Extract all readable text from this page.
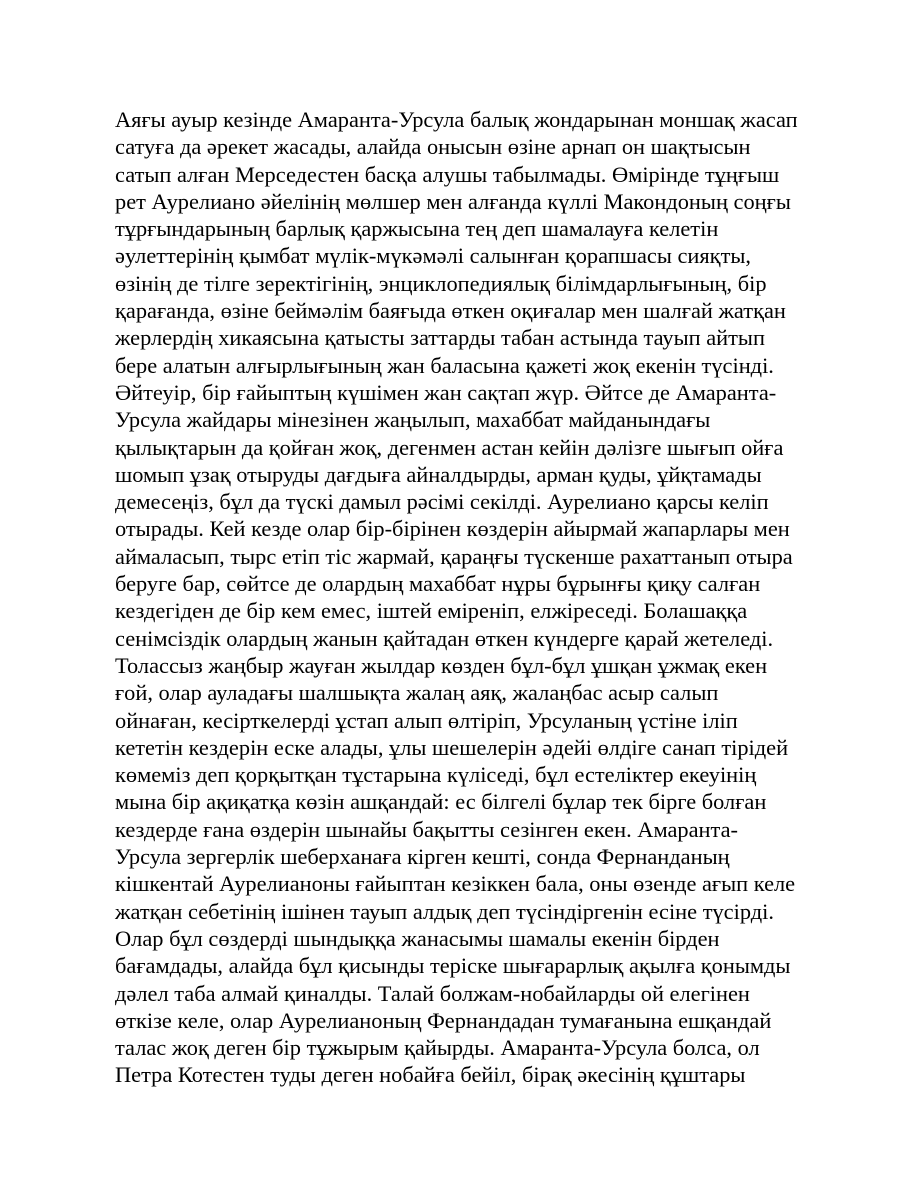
Аяғы ауыр кезінде Амаранта-Урсула балық жондарынан моншақ жасап
сатуға да әрекет жасады, алайда онысын өзіне арнап он шақтысын
сатып алған Мерседестен басқа алушы табылмады. Өмірінде тұңғыш
рет Аурелиано әйелінің мөлшер мен алғанда күллі Макондоның соңғы
тұрғындарының барлық қаржысына тең деп шамалауға келетін
әулеттерінің қымбат мүлік-мүкәмәлі салынған қорапшасы сияқты,
өзінің де тілге зеректігінің, энциклопедиялық білімдарлығының, бір
қарағанда, өзіне беймәлім баяғыда өткен оқиғалар мен шалғай жатқан
жерлердің хикаясына қатысты заттарды табан астында тауып айтып
бере алатын алғырлығының жан баласына қажеті жоқ екенін түсінді.
Әйтеуір, бір ғайыптың күшімен жан сақтап жүр. Әйтсе де Амаранта-
Урсула жайдары мінезінен жаңылып, махаббат майданындағы
қылықтарын да қойған жоқ, дегенмен астан кейін дәлізге шығып ойға
шомып ұзақ отыруды дағдыға айналдырды, арман қуды, ұйқтамады
демесеңіз, бұл да түскі дамыл рәсімі секілді. Аурелиано қарсы келіп
отырады. Кей кезде олар бір-бірінен көздерін айырмай жапарлары мен
аймаласып, тырс етіп тіс жармай, қараңғы түскенше рахаттанып отыра
беруге бар, сөйтсе де олардың махаббат нұры бұрынғы қиқу салған
кездегіден де бір кем емес, іштей еміреніп, елжіреседі. Болашаққа
сенімсіздік олардың жанын қайтадан өткен күндерге қарай жетеледі.
Толассыз жаңбыр жауған жылдар көзден бұл-бұл ұшқан ұжмақ екен
ғой, олар ауладағы шалшықта жалаң аяқ, жалаңбас асыр салып
ойнаған, кесірткелерді ұстап алып өлтіріп, Урсуланың үстіне іліп
кететін кездерін еске алады, ұлы шешелерін әдейі өлдіге санап тірідей
көмеміз деп қорқытқан тұстарына күліседі, бұл естеліктер екеуінің
мына бір ақиқатқа көзін ашқандай: ес білгелі бұлар тек бірге болған
кездерде ғана өздерін шынайы бақытты сезінген екен. Амаранта-
Урсула зергерлік шеберханаға кірген кешті, сонда Фернанданың
кішкентай Аурелианоны ғайыптан кезіккен бала, оны өзенде ағып келе
жатқан себетінің ішінен тауып алдық деп түсіндіргенін есіне түсірді.
Олар бұл сөздерді шындыққа жанасымы шамалы екенін бірден
бағамдады, алайда бұл қисынды теріске шығарарлық ақылға қонымды
дәлел таба алмай қиналды. Талай болжам-нобайларды ой елегінен
өткізе келе, олар Аурелианоның Фернандадан тумағанына ешқандай
талас жоқ деген бір тұжырым қайырды. Амаранта-Урсула болса, ол
Петра Котестен туды деген нобайға бейіл, бірақ әкесінің құштары
